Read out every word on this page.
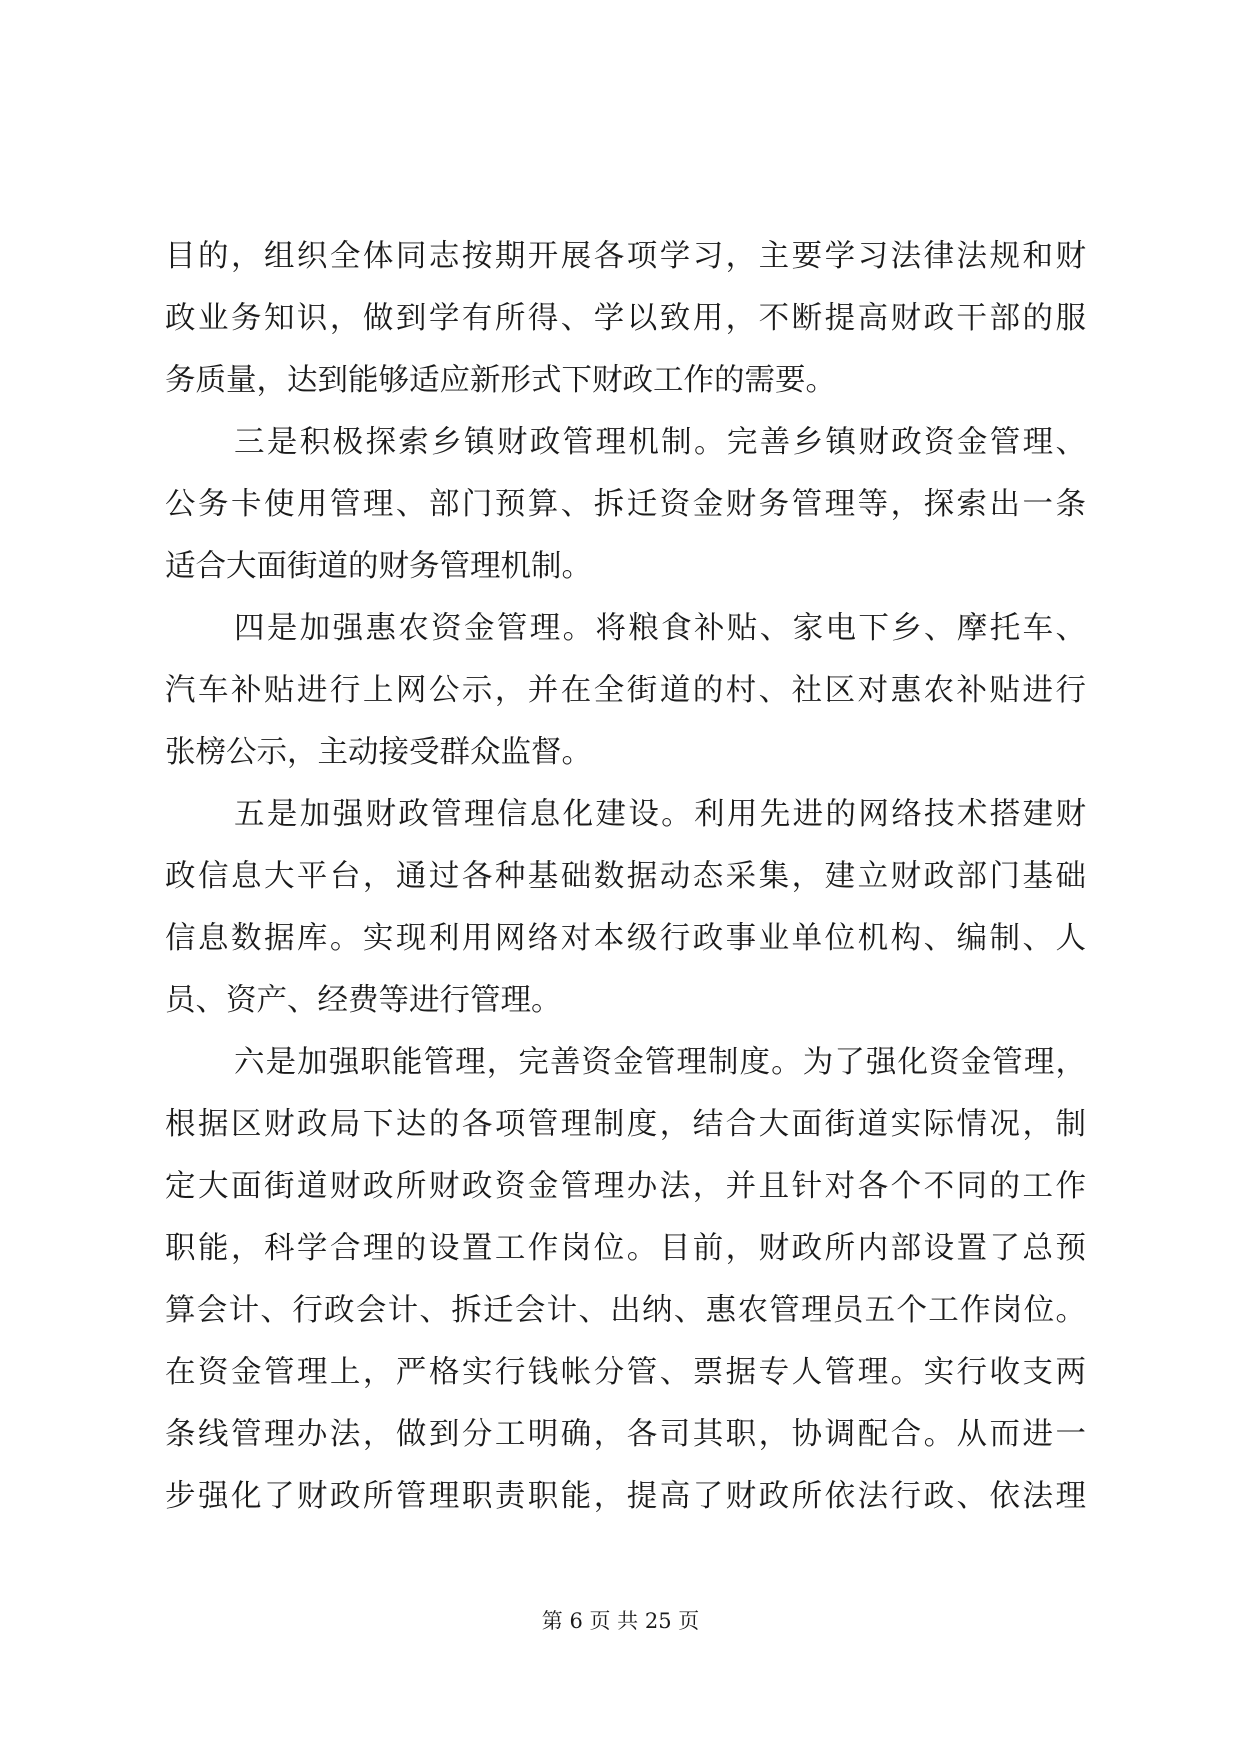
目的，组织全体同志按期开展各项学习，主要学习法律法规和财
政业务知识，做到学有所得、学以致用，不断提高财政干部的服
务质量，达到能够适应新形式下财政工作的需要。
三是积极探索乡镇财政管理机制。完善乡镇财政资金管理、
公务卡使用管理、部门预算、拆迁资金财务管理等，探索出一条
适合大面街道的财务管理机制。
四是加强惠农资金管理。将粮食补贴、家电下乡、摩托车、
汽车补贴进行上网公示，并在全街道的村、社区对惠农补贴进行
张榜公示，主动接受群众监督。
五是加强财政管理信息化建设。利用先进的网络技术搭建财
政信息大平台，通过各种基础数据动态采集，建立财政部门基础
信息数据库。实现利用网络对本级行政事业单位机构、编制、人
员、资产、经费等进行管理。
六是加强职能管理，完善资金管理制度。为了强化资金管理，
根据区财政局下达的各项管理制度，结合大面街道实际情况，制
定大面街道财政所财政资金管理办法，并且针对各个不同的工作
职能，科学合理的设置工作岗位。目前，财政所内部设置了总预
算会计、行政会计、拆迁会计、出纳、惠农管理员五个工作岗位。
在资金管理上，严格实行钱帐分管、票据专人管理。实行收支两
条线管理办法，做到分工明确，各司其职，协调配合。从而进一
步强化了财政所管理职责职能，提高了财政所依法行政、依法理
第 6 页 共 25 页
